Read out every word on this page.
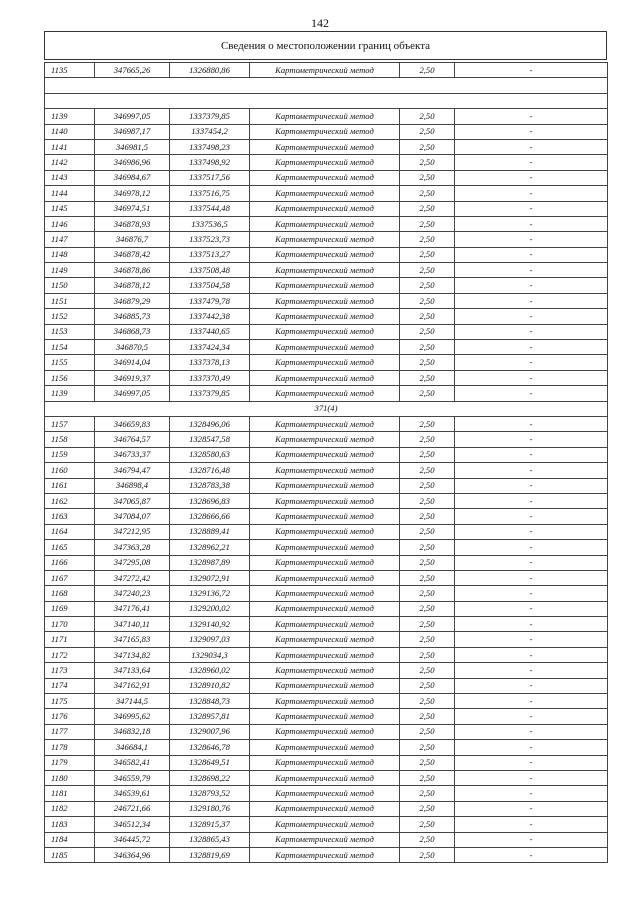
142
Сведения о местоположении границ объекта
1135	347665,26	1326880,86	Картометрический метод	2,50	-

1139	346997,05	1337379,85	Картометрический метод	2,50	-
1140	346987,17	1337454,2	Картометрический метод	2,50	-
1141	346981,5	1337498,23	Картометрический метод	2,50	-
1142	346986,96	1337498,92	Картометрический метод	2,50	-
1143	346984,67	1337517,56	Картометрический метод	2,50	-
1144	346978,12	1337516,75	Картометрический метод	2,50	-
1145	346974,51	1337544,48	Картометрический метод	2,50	-
1146	346878,93	1337536,5	Картометрический метод	2,50	-
1147	346876,7	1337523,73	Картометрический метод	2,50	-
1148	346878,42	1337513,27	Картометрический метод	2,50	-
1149	346878,86	1337508,48	Картометрический метод	2,50	-
1150	346878,12	1337504,58	Картометрический метод	2,50	-
1151	346879,29	1337479,78	Картометрический метод	2,50	-
1152	346885,73	1337442,38	Картометрический метод	2,50	-
1153	346868,73	1337440,65	Картометрический метод	2,50	-
1154	346870,5	1337424,34	Картометрический метод	2,50	-
1155	346914,04	1337378,13	Картометрический метод	2,50	-
1156	346919,37	1337370,49	Картометрический метод	2,50	-
1139	346997,05	1337379,85	Картометрический метод	2,50	-
371(4)					
1157	346659,83	1328496,06	Картометрический метод	2,50	-
1158	346764,57	1328547,58	Картометрический метод	2,50	-
1159	346733,37	1328580,63	Картометрический метод	2,50	-
1160	346794,47	1328716,48	Картометрический метод	2,50	-
1161	346898,4	1328783,38	Картометрический метод	2,50	-
1162	347065,87	1328696,83	Картометрический метод	2,50	-
1163	347084,07	1328666,66	Картометрический метод	2,50	-
1164	347212,95	1328889,41	Картометрический метод	2,50	-
1165	347363,28	1328962,21	Картометрический метод	2,50	-
1166	347295,08	1328987,89	Картометрический метод	2,50	-
1167	347272,42	1329072,91	Картометрический метод	2,50	-
1168	347240,23	1329136,72	Картометрический метод	2,50	-
1169	347176,41	1329200,02	Картометрический метод	2,50	-
1170	347140,11	1329140,92	Картометрический метод	2,50	-
1171	347165,83	1329097,03	Картометрический метод	2,50	-
1172	347134,82	1329034,3	Картометрический метод	2,50	-
1173	347133,64	1328960,02	Картометрический метод	2,50	-
1174	347162,91	1328910,82	Картометрический метод	2,50	-
1175	347144,5	1328848,73	Картометрический метод	2,50	-
1176	346995,62	1328957,81	Картометрический метод	2,50	-
1177	346832,18	1329007,96	Картометрический метод	2,50	-
1178	346684,1	1328646,78	Картометрический метод	2,50	-
1179	346582,41	1328649,51	Картометрический метод	2,50	-
1180	346559,79	1328698,22	Картометрический метод	2,50	-
1181	346539,61	1328793,52	Картометрический метод	2,50	-
1182	246721,66	1329180,76	Картометрический метод	2,50	-
1183	346512,34	1328915,37	Картометрический метод	2,50	-
1184	346445,72	1328865,43	Картометрический метод	2,50	-
1185	346364,96	1328819,69	Картометрический метод	2,50	-
